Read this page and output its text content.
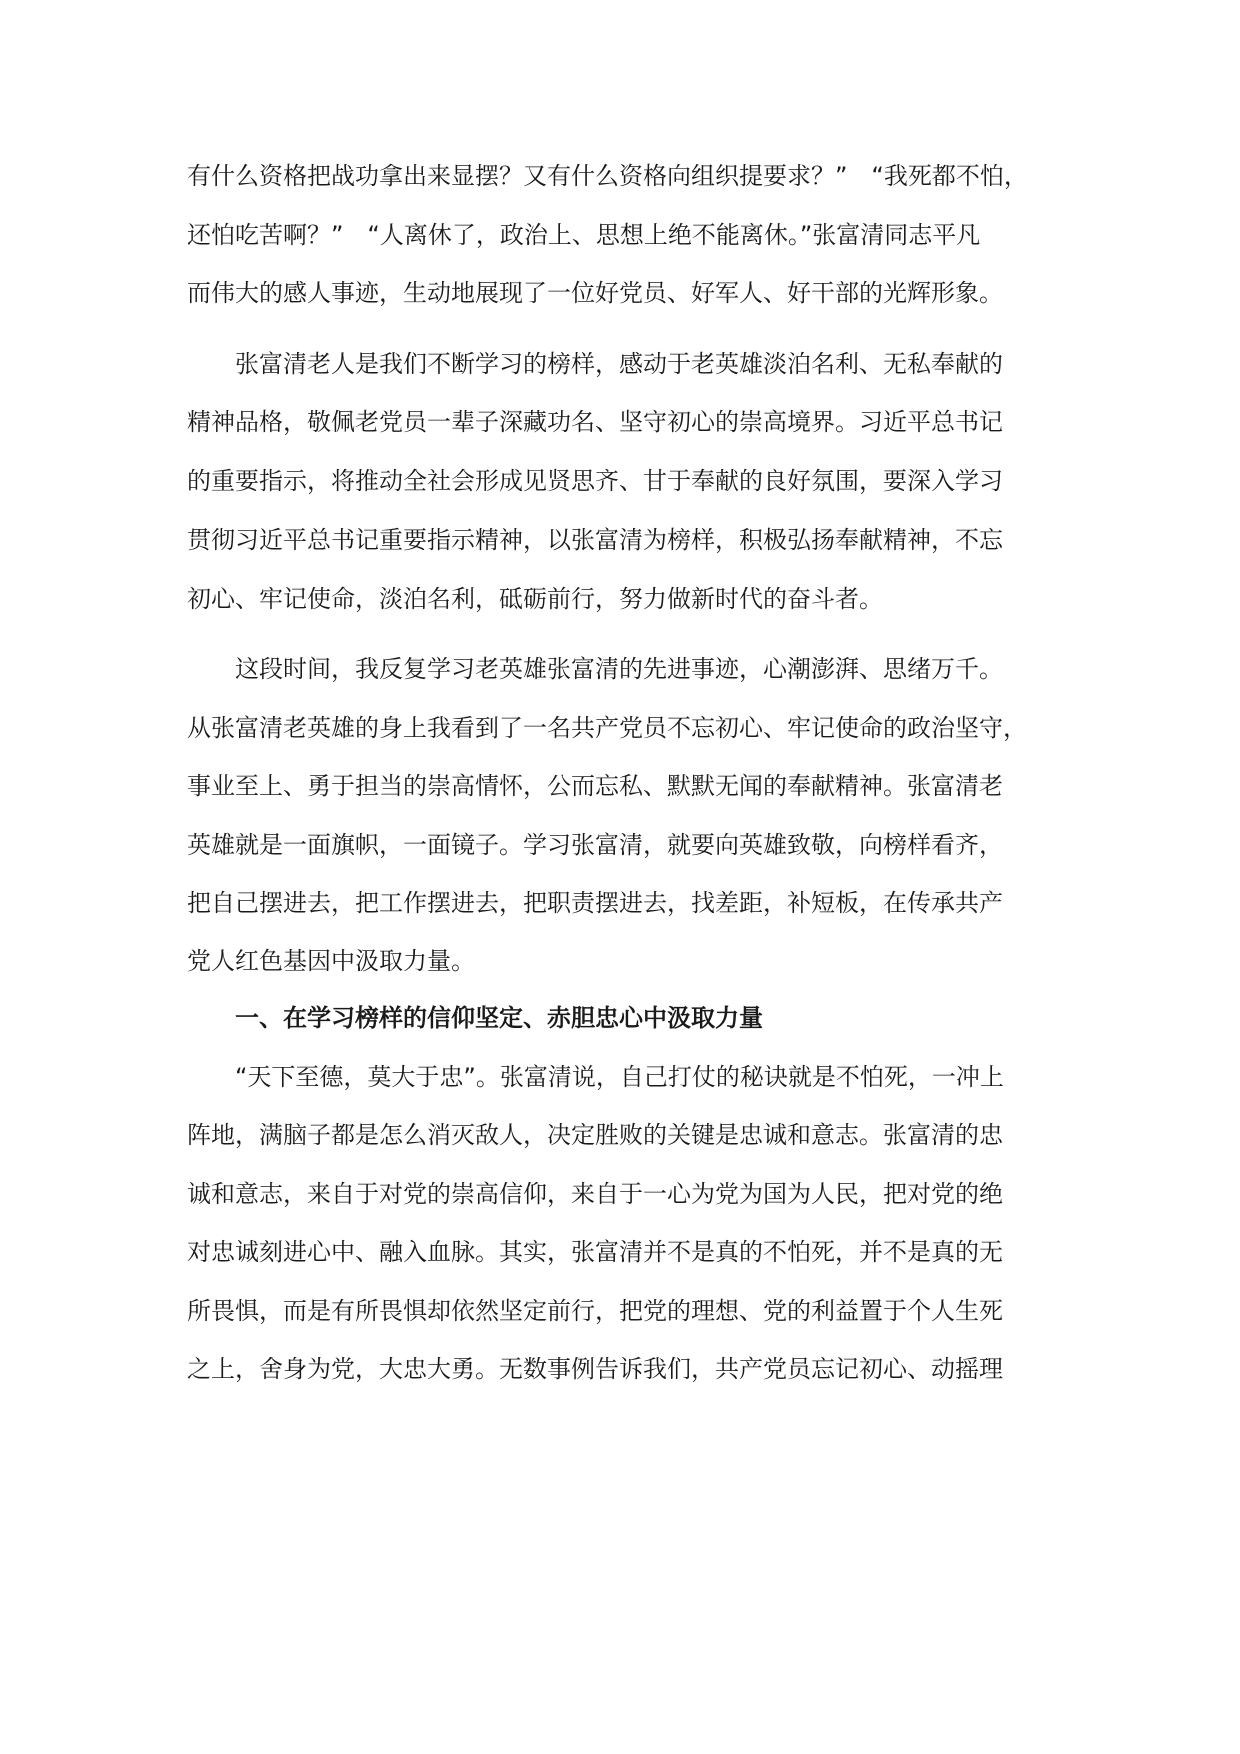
有什么资格把战功拿出来显摆？又有什么资格向组织提要求？”　“我死都不怕，
还怕吃苦啊？”　“人离休了，政治上、思想上绝不能离休。”张富清同志平凡
而伟大的感人事迹，生动地展现了一位好党员、好军人、好干部的光辉形象。
张富清老人是我们不断学习的榜样，感动于老英雄淡泊名利、无私奉献的
精神品格，敬佩老党员一辈子深藏功名、坚守初心的崇高境界。习近平总书记
的重要指示，将推动全社会形成见贤思齐、甘于奉献的良好氛围，要深入学习
贯彻习近平总书记重要指示精神，以张富清为榜样，积极弘扬奉献精神，不忘
初心、牢记使命，淡泊名利，砥砺前行，努力做新时代的奋斗者。
这段时间，我反复学习老英雄张富清的先进事迹，心潮澎湃、思绪万千。
从张富清老英雄的身上我看到了一名共产党员不忘初心、牢记使命的政治坚守，
事业至上、勇于担当的崇高情怀，公而忘私、默默无闻的奉献精神。张富清老
英雄就是一面旗帜，一面镜子。学习张富清，就要向英雄致敬，向榜样看齐，
把自己摆进去，把工作摆进去，把职责摆进去，找差距，补短板，在传承共产
党人红色基因中汲取力量。
一、在学习榜样的信仰坚定、赤胆忠心中汲取力量
“天下至德，莫大于忠”。张富清说，自己打仗的秘诀就是不怕死，一冲上
阵地，满脑子都是怎么消灭敌人，决定胜败的关键是忠诚和意志。张富清的忠
诚和意志，来自于对党的崇高信仰，来自于一心为党为国为人民，把对党的绝
对忠诚刻进心中、融入血脉。其实，张富清并不是真的不怕死，并不是真的无
所畏惧，而是有所畏惧却依然坚定前行，把党的理想、党的利益置于个人生死
之上，舍身为党，大忠大勇。无数事例告诉我们，共产党员忘记初心、动摇理
